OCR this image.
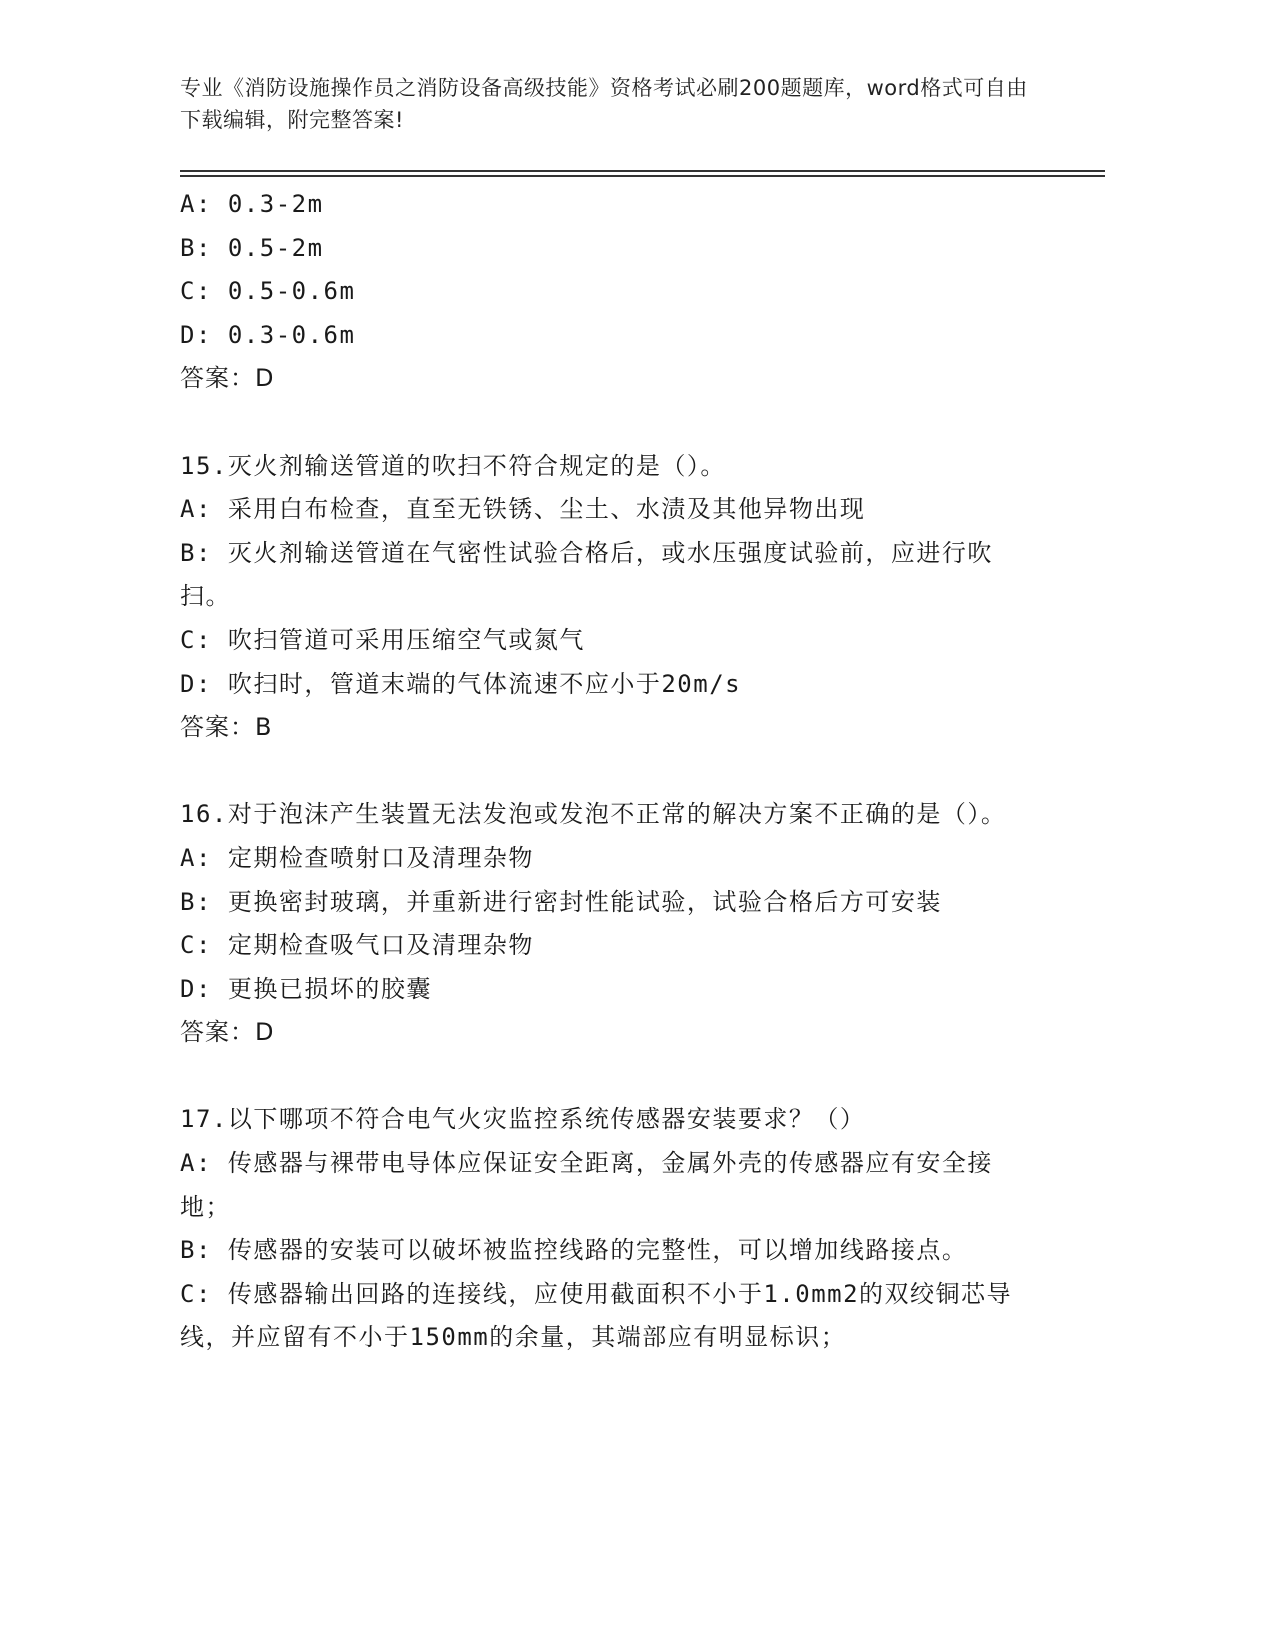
专业《消防设施操作员之消防设备高级技能》资格考试必刷200题题库，word格式可自由下载编辑，附完整答案!
A: 0.3-2m
B: 0.5-2m
C: 0.5-0.6m
D: 0.3-0.6m
答案：D
15.灭火剂输送管道的吹扫不符合规定的是（）。
A: 采用白布检查，直至无铁锈、尘土、水渍及其他异物出现
B: 灭火剂输送管道在气密性试验合格后，或水压强度试验前，应进行吹扫。
C: 吹扫管道可采用压缩空气或氮气
D: 吹扫时，管道末端的气体流速不应小于20m/s
答案：B
16.对于泡沫产生装置无法发泡或发泡不正常的解决方案不正确的是（）。
A: 定期检查喷射口及清理杂物
B: 更换密封玻璃，并重新进行密封性能试验，试验合格后方可安装
C: 定期检查吸气口及清理杂物
D: 更换已损坏的胶囊
答案：D
17.以下哪项不符合电气火灾监控系统传感器安装要求？（）
A: 传感器与裸带电导体应保证安全距离，金属外壳的传感器应有安全接地；
B: 传感器的安装可以破坏被监控线路的完整性，可以增加线路接点。
C: 传感器输出回路的连接线，应使用截面积不小于1.0mm2的双绞铜芯导线，并应留有不小于150mm的余量，其端部应有明显标识；
